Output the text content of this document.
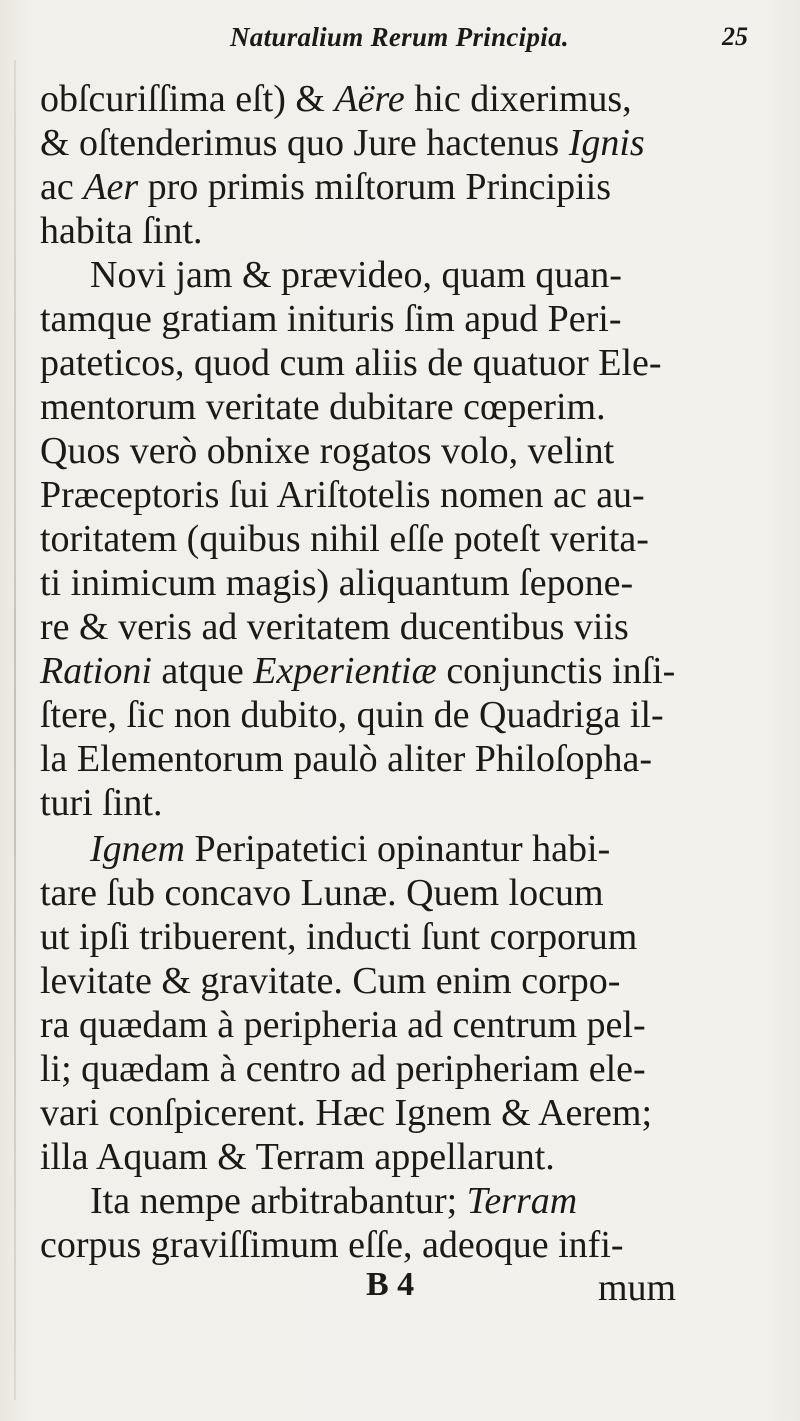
Naturalium Rerum Principia.	25
obſcuriſſima eſt) & Aëre hic dixerimus,
& oſtenderimus quo Jure hactenus Ignis
ac Aer pro primis miſtorum Principiis
habita ſint.
Novi jam & prævideo, quam quan-
tamque gratiam inituris ſim apud Peri-
pateticos, quod cum aliis de quatuor Ele-
mentorum veritate dubitare cœperim.
Quos verò obnixe rogatos volo, velint
Præceptoris ſui Ariſtotelis nomen ac au-
toritatem (quibus nihil eſſe poteſt verita-
ti inimicum magis) aliquantum ſepone-
re & veris ad veritatem ducentibus viis
Rationi atque Experientiæ conjunctis inſi-
ſtere, ſic non dubito, quin de Quadriga il-
la Elementorum paulò aliter Philoſopha-
turi ſint.
Ignem Peripatetici opinantur habi-
tare ſub concavo Lunæ. Quem locum
ut ipſi tribuerent, inducti ſunt corporum
levitate & gravitate. Cum enim corpo-
ra quædam à peripheria ad centrum pel-
li; quædam à centro ad peripheriam ele-
vari conſpicerent. Hæc Ignem & Aerem;
illa Aquam & Terram appellarunt.
Ita nempe arbitrabantur; Terram
corpus graviſſimum eſſe, adeoque infi-
B 4	mum
